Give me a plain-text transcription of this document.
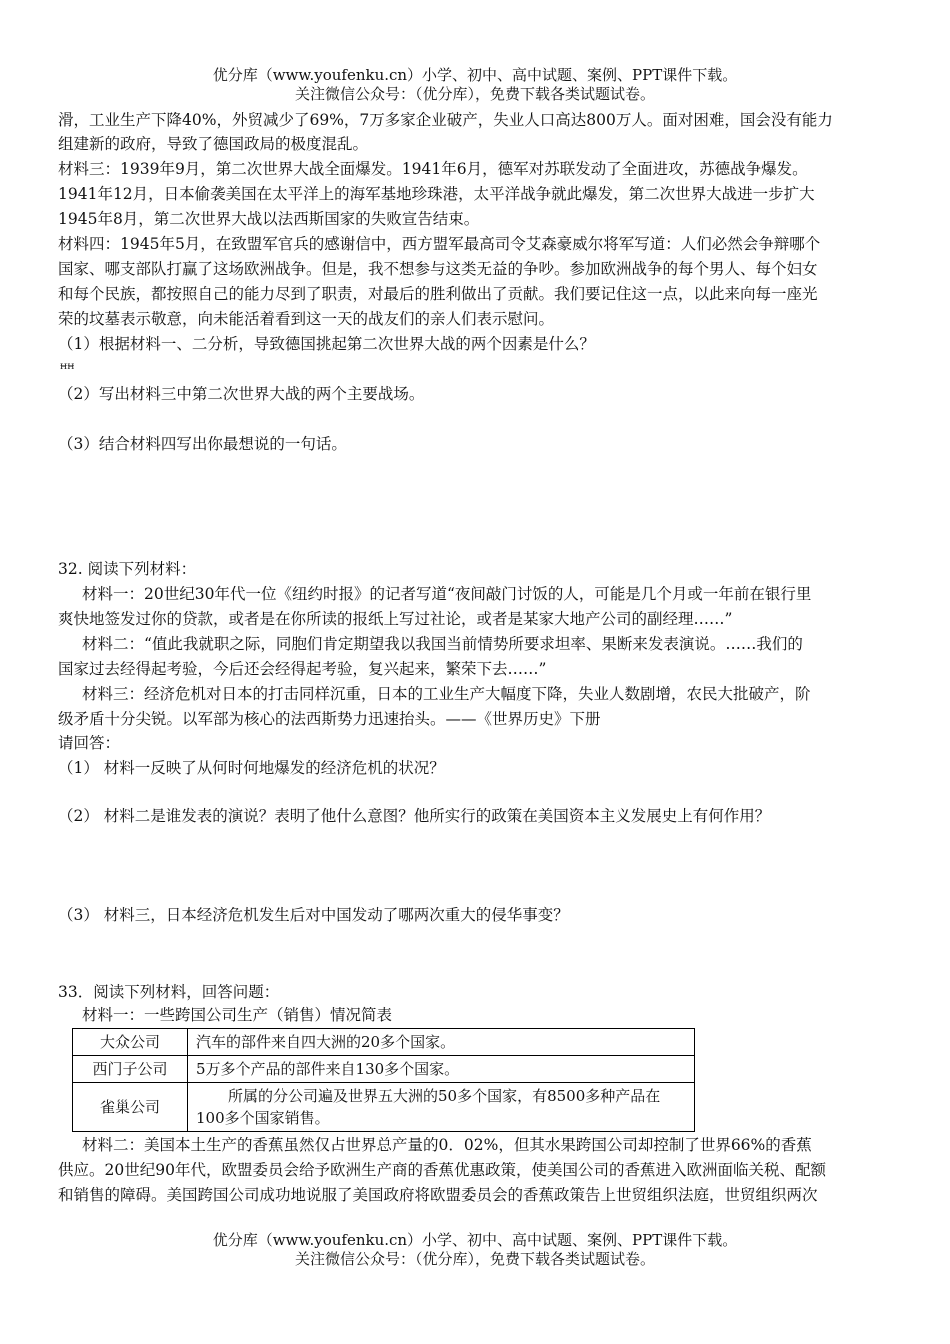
优分库（www.youfenku.cn）小学、初中、高中试题、案例、PPT课件下载。
关注微信公众号：（优分库），免费下载各类试题试卷。
滑，工业生产下降40%，外贸减少了69%，7万多家企业破产，失业人口高达800万人。面对困难，国会没有能力
组建新的政府，导致了德国政局的极度混乱。
材料三：1939年9月，第二次世界大战全面爆发。1941年6月，德军对苏联发动了全面进攻，苏德战争爆发。
1941年12月，日本偷袭美国在太平洋上的海军基地珍珠港，太平洋战争就此爆发，第二次世界大战进一步扩大
1945年8月，第二次世界大战以法西斯国家的失败宣告结束。
材料四：1945年5月，在致盟军官兵的感谢信中，西方盟军最高司令艾森豪威尔将军写道：人们必然会争辩哪个
国家、哪支部队打赢了这场欧洲战争。但是，我不想参与这类无益的争吵。参加欧洲战争的每个男人、每个妇女
和每个民族，都按照自己的能力尽到了职责，对最后的胜利做出了贡献。我们要记住这一点，以此来向每一座光
荣的坟墓表示敬意，向未能活着看到这一天的战友们的亲人们表示慰问。
（1）根据材料一、二分析，导致德国挑起第二次世界大战的两个因素是什么？
ꟸ ꟸ
（2）写出材料三中第二次世界大战的两个主要战场。
（3）结合材料四写出你最想说的一句话。
32. 阅读下列材料：
材料一：20世纪30年代一位《纽约时报》的记者写道“夜间敲门讨饭的人，可能是几个月或一年前在银行里
爽快地签发过你的贷款，或者是在你所读的报纸上写过社论，或者是某家大地产公司的副经理……”
材料二：“值此我就职之际，同胞们肯定期望我以我国当前情势所要求坦率、果断来发表演说。……我们的
国家过去经得起考验，今后还会经得起考验，复兴起来，繁荣下去……”
材料三：经济危机对日本的打击同样沉重，日本的工业生产大幅度下降，失业人数剧增，农民大批破产，阶
级矛盾十分尖锐。以军部为核心的法西斯势力迅速抬头。——《世界历史》下册
请回答：
（1） 材料一反映了从何时何地爆发的经济危机的状况？
（2） 材料二是谁发表的演说？表明了他什么意图？他所实行的政策在美国资本主义发展史上有何作用？
（3） 材料三，日本经济危机发生后对中国发动了哪两次重大的侵华事变？
33．阅读下列材料，回答问题：
材料一：一些跨国公司生产（销售）情况简表
大众公司	汽车的部件来自四大洲的20多个国家。
西门子公司	5万多个产品的部件来自130多个国家。
雀巢公司	所属的分公司遍及世界五大洲的50多个国家，有8500多种产品在100多个国家销售。
材料二：美国本土生产的香蕉虽然仅占世界总产量的0．02%，但其水果跨国公司却控制了世界66%的香蕉
供应。20世纪90年代，欧盟委员会给予欧洲生产商的香蕉优惠政策，使美国公司的香蕉进入欧洲面临关税、配额
和销售的障碍。美国跨国公司成功地说服了美国政府将欧盟委员会的香蕉政策告上世贸组织法庭，世贸组织两次
优分库（www.youfenku.cn）小学、初中、高中试题、案例、PPT课件下载。
关注微信公众号：（优分库），免费下载各类试题试卷。
